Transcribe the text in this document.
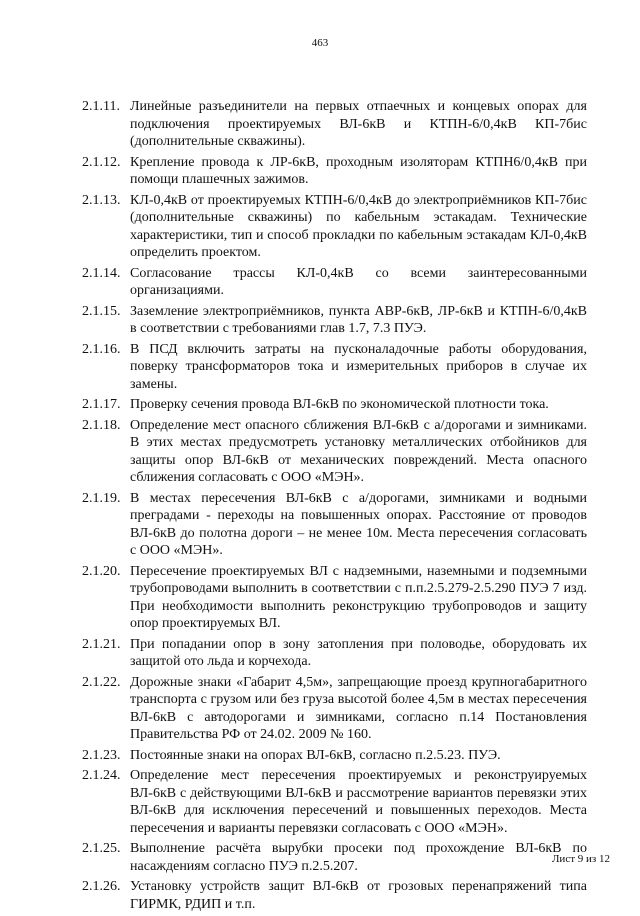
463
2.1.11. Линейные разъединители на первых отпаечных и концевых опорах для подключения проектируемых ВЛ-6кВ и КТПН-6/0,4кВ КП-7бис (дополнительные скважины).
2.1.12. Крепление провода к ЛР-6кВ, проходным изоляторам КТПН6/0,4кВ при помощи плашечных зажимов.
2.1.13. КЛ-0,4кВ от проектируемых КТПН-6/0,4кВ до электроприёмников КП-7бис (дополнительные скважины) по кабельным эстакадам. Технические характеристики, тип и способ прокладки по кабельным эстакадам КЛ-0,4кВ определить проектом.
2.1.14. Согласование трассы КЛ-0,4кВ со всеми заинтересованными организациями.
2.1.15. Заземление электроприёмников, пункта АВР-6кВ, ЛР-6кВ и КТПН-6/0,4кВ в соответствии с требованиями глав 1.7, 7.3 ПУЭ.
2.1.16. В ПСД включить затраты на пусконаладочные работы оборудования, поверку трансформаторов тока и измерительных приборов в случае их замены.
2.1.17. Проверку сечения провода ВЛ-6кВ по экономической плотности тока.
2.1.18. Определение мест опасного сближения ВЛ-6кВ с а/дорогами и зимниками. В этих местах предусмотреть установку металлических отбойников для защиты опор ВЛ-6кВ от механических повреждений. Места опасного сближения согласовать с ООО «МЭН».
2.1.19. В местах пересечения ВЛ-6кВ с а/дорогами, зимниками и водными преградами - переходы на повышенных опорах. Расстояние от проводов ВЛ-6кВ до полотна дороги – не менее 10м. Места пересечения согласовать с ООО «МЭН».
2.1.20. Пересечение проектируемых ВЛ с надземными, наземными и подземными трубопроводами выполнить в соответствии с п.п.2.5.279-2.5.290 ПУЭ 7 изд. При необходимости выполнить реконструкцию трубопроводов и защиту опор проектируемых ВЛ.
2.1.21. При попадании опор в зону затопления при половодье, оборудовать их защитой ото льда и корчехода.
2.1.22. Дорожные знаки «Габарит 4,5м», запрещающие проезд крупногабаритного транспорта с грузом или без груза высотой более 4,5м в местах пересечения ВЛ-6кВ с автодорогами и зимниками, согласно п.14 Постановления Правительства РФ от 24.02. 2009 № 160.
2.1.23. Постоянные знаки на опорах ВЛ-6кВ, согласно п.2.5.23. ПУЭ.
2.1.24. Определение мест пересечения проектируемых и реконструируемых ВЛ-6кВ с действующими ВЛ-6кВ и рассмотрение вариантов перевязки этих ВЛ-6кВ для исключения пересечений и повышенных переходов. Места пересечения и варианты перевязки согласовать с ООО «МЭН».
2.1.25. Выполнение расчёта вырубки просеки под прохождение ВЛ-6кВ по насаждениям согласно ПУЭ п.2.5.207.
2.1.26. Установку устройств защит ВЛ-6кВ от грозовых перенапряжений типа ГИРМК, РДИП и т.п.
Лист 9 из 12
